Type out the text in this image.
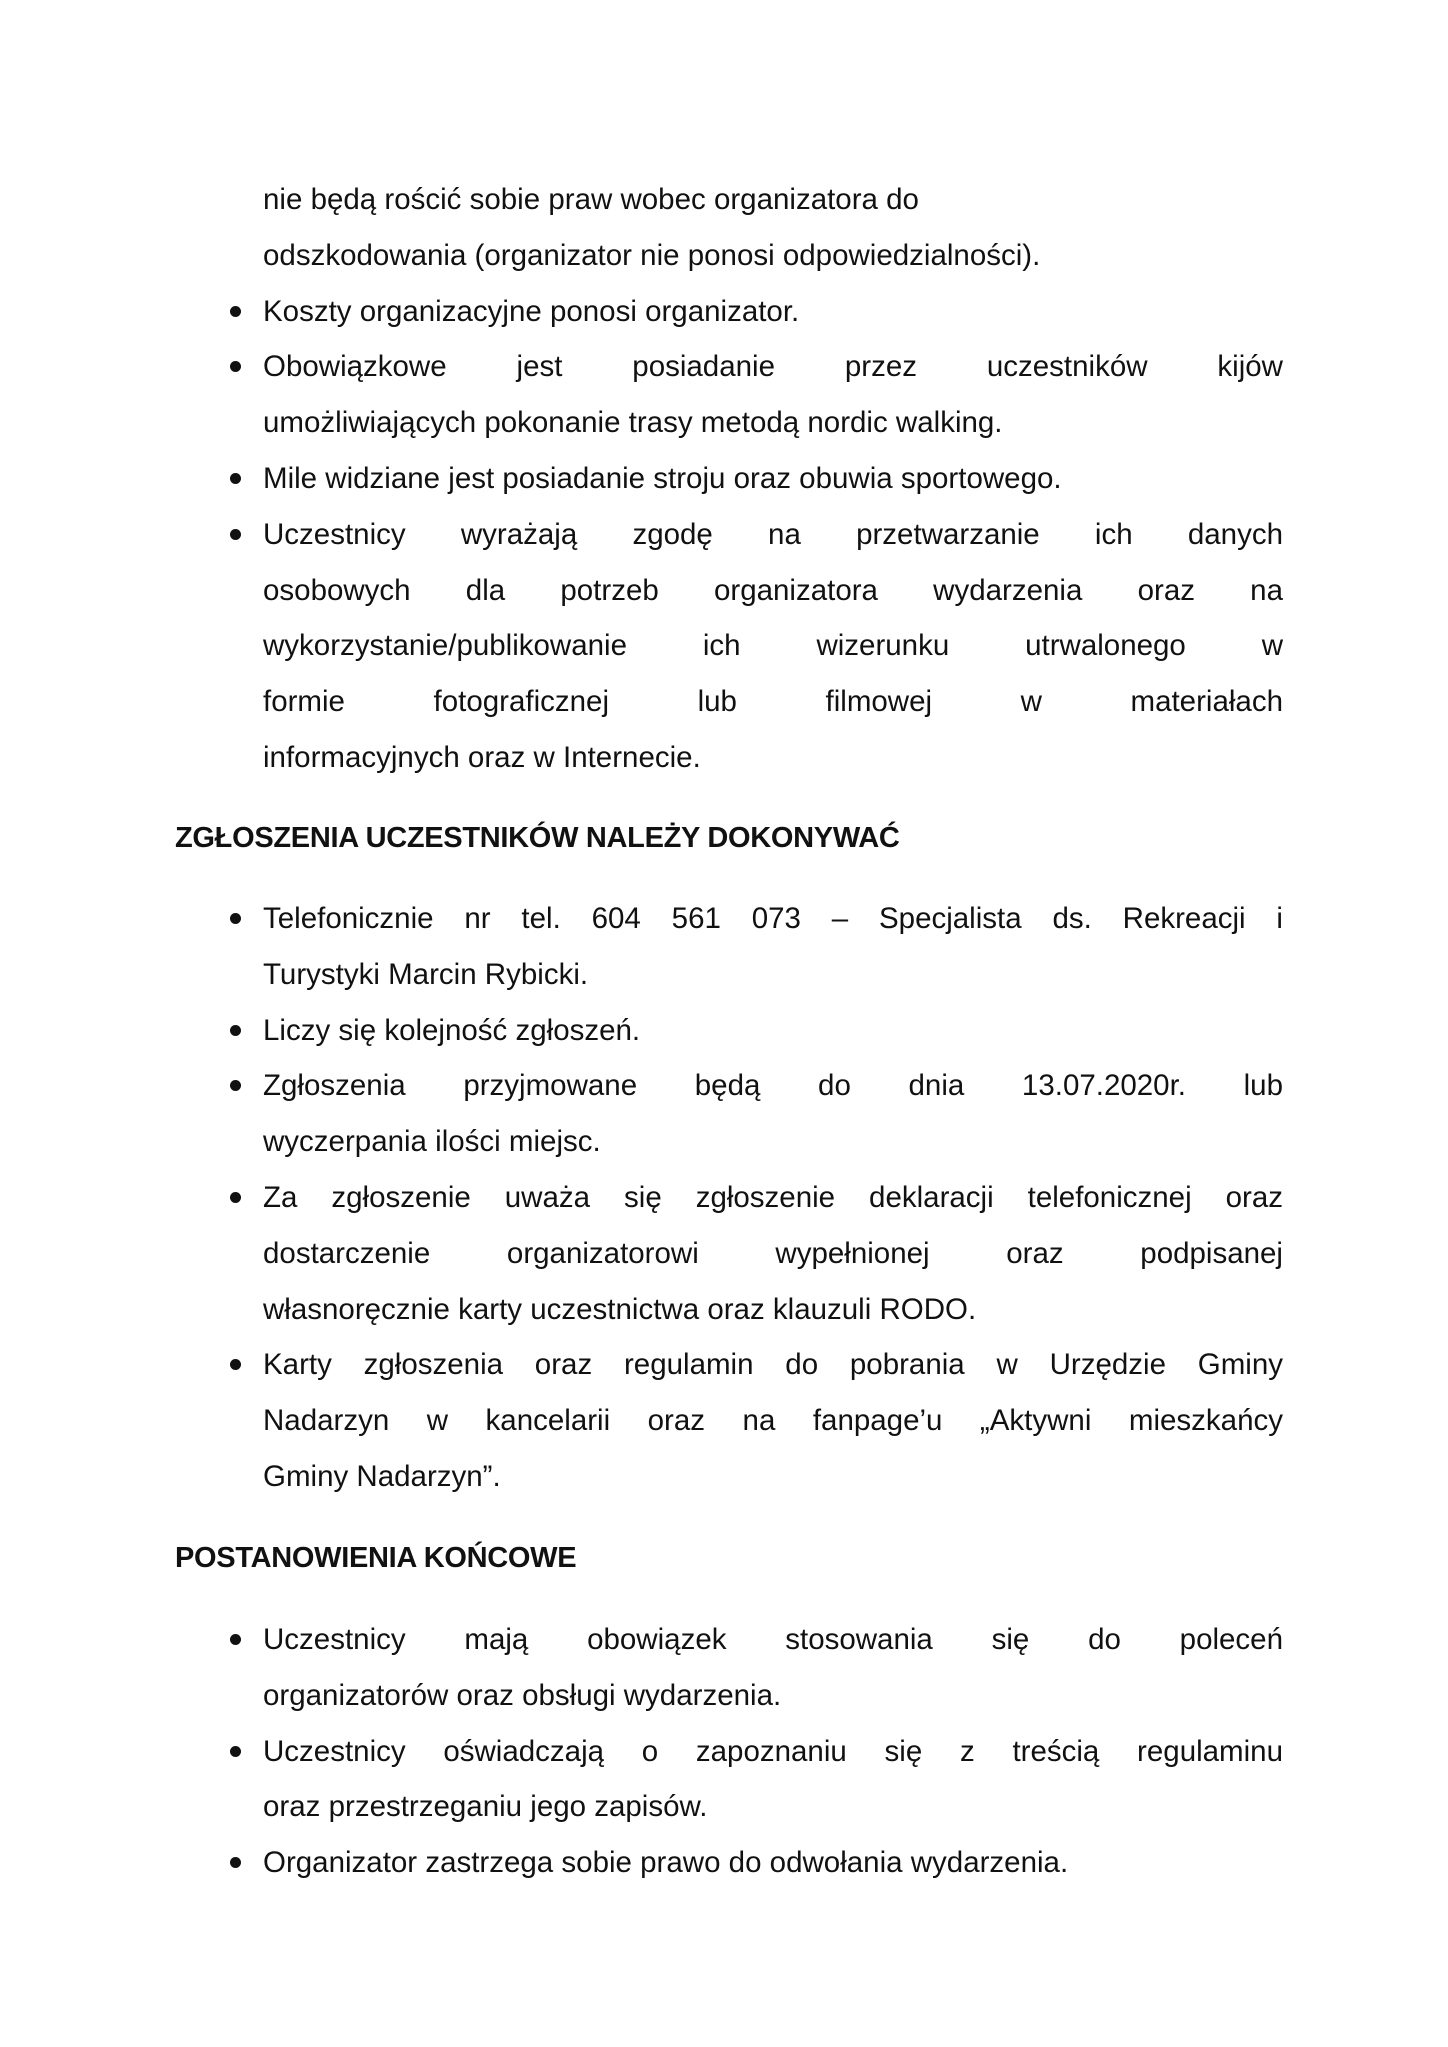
nie będą rościć sobie praw wobec organizatora do
odszkodowania (organizator nie ponosi odpowiedzialności).
Koszty organizacyjne ponosi organizator.
Obowiązkowe jest posiadanie przez uczestników kijów
umożliwiających pokonanie trasy metodą nordic walking.
Mile widziane jest posiadanie stroju oraz obuwia sportowego.
Uczestnicy wyrażają zgodę na przetwarzanie ich danych
osobowych dla potrzeb organizatora wydarzenia oraz na
wykorzystanie/publikowanie ich wizerunku utrwalonego w
formie fotograficznej lub filmowej w materiałach
informacyjnych oraz w Internecie.
ZGŁOSZENIA UCZESTNIKÓW NALEŻY DOKONYWAĆ
Telefonicznie nr tel. 604 561 073 – Specjalista ds. Rekreacji i
Turystyki Marcin Rybicki.
Liczy się kolejność zgłoszeń.
Zgłoszenia przyjmowane będą do dnia 13.07.2020r. lub
wyczerpania ilości miejsc.
Za zgłoszenie uważa się zgłoszenie deklaracji telefonicznej oraz
dostarczenie organizatorowi wypełnionej oraz podpisanej
własnoręcznie karty uczestnictwa oraz klauzuli RODO.
Karty zgłoszenia oraz regulamin do pobrania w Urzędzie Gminy
Nadarzyn w kancelarii oraz na fanpage’u „Aktywni mieszkańcy
Gminy Nadarzyn”.
POSTANOWIENIA KOŃCOWE
Uczestnicy mają obowiązek stosowania się do poleceń
organizatorów oraz obsługi wydarzenia.
Uczestnicy oświadczają o zapoznaniu się z treścią regulaminu
oraz przestrzeganiu jego zapisów.
Organizator zastrzega sobie prawo do odwołania wydarzenia.
